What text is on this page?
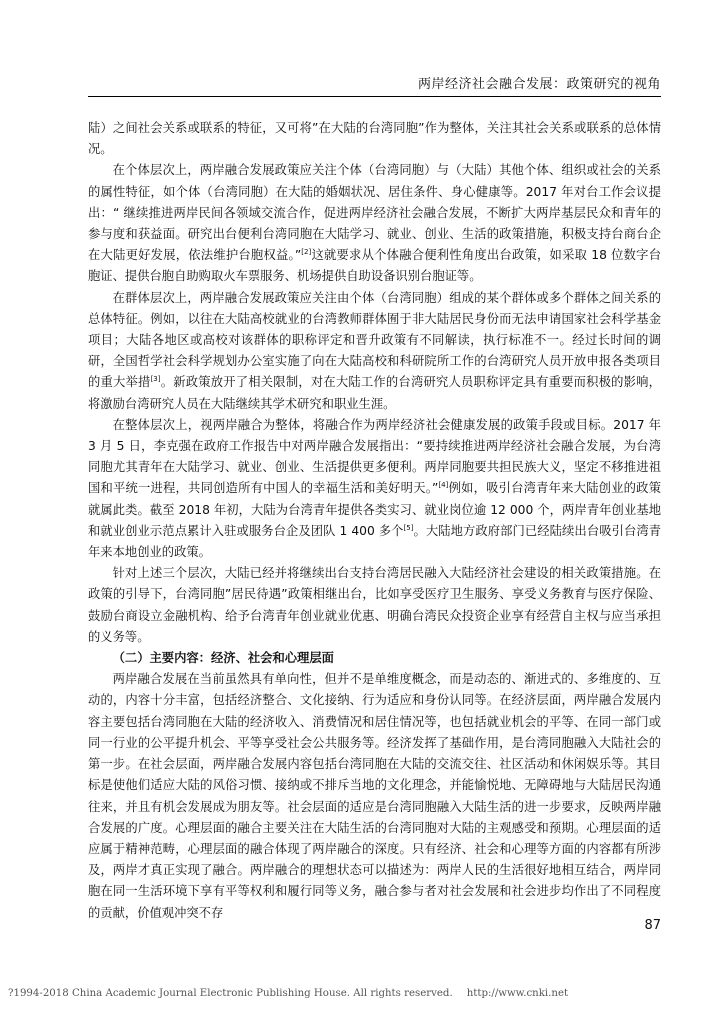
两岸经济社会融合发展：政策研究的视角

陆）之间社会关系或联系的特征，又可将”在大陆的台湾同胞”作为整体，关注其社会关系或联系的总体情况。

在个体层次上，两岸融合发展政策应关注个体（台湾同胞）与（大陆）其他个体、组织或社会的关系的属性特征，如个体（台湾同胞）在大陆的婚姻状况、居住条件、身心健康等。2017 年对台工作会议提出：“ 继续推进两岸民间各领域交流合作，促进两岸经济社会融合发展，不断扩大两岸基层民众和青年的参与度和获益面。研究出台便利台湾同胞在大陆学习、就业、创业、生活的政策措施，积极支持台商台企在大陆更好发展，依法维护台胞权益。”[2]这就要求从个体融合便利性角度出台政策，如采取 18 位数字台胞证、提供台胞自助购取火车票服务、机场提供自助设备识别台胞证等。

在群体层次上，两岸融合发展政策应关注由个体（台湾同胞）组成的某个群体或多个群体之间关系的总体特征。例如，以往在大陆高校就业的台湾教师群体囿于非大陆居民身份而无法申请国家社会科学基金项目；大陆各地区或高校对该群体的职称评定和晋升政策有不同解读，执行标准不一。经过长时间的调研，全国哲学社会科学规划办公室实施了向在大陆高校和科研院所工作的台湾研究人员开放申报各类项目的重大举措[3]。新政策放开了相关限制，对在大陆工作的台湾研究人员职称评定具有重要而积极的影响，将激励台湾研究人员在大陆继续其学术研究和职业生涯。

在整体层次上，视两岸融合为整体，将融合作为两岸经济社会健康发展的政策手段或目标。2017 年 3 月 5 日，李克强在政府工作报告中对两岸融合发展指出：“要持续推进两岸经济社会融合发展，为台湾同胞尤其青年在大陆学习、就业、创业、生活提供更多便利。两岸同胞要共担民族大义，坚定不移推进祖国和平统一进程，共同创造所有中国人的幸福生活和美好明天。”[4]例如，吸引台湾青年来大陆创业的政策就属此类。截至 2018 年初，大陆为台湾青年提供各类实习、就业岗位逾 12 000 个，两岸青年创业基地和就业创业示范点累计入驻或服务台企及团队 1 400 多个[5]。大陆地方政府部门已经陆续出台吸引台湾青年来本地创业的政策。

针对上述三个层次，大陆已经并将继续出台支持台湾居民融入大陆经济社会建设的相关政策措施。在政策的引导下，台湾同胞”居民待遇”政策相继出台，比如享受医疗卫生服务、享受义务教育与医疗保险、鼓励台商设立金融机构、给予台湾青年创业就业优惠、明确台湾民众投资企业享有经营自主权与应当承担的义务等。

（二）主要内容：经济、社会和心理层面

两岸融合发展在当前虽然具有单向性，但并不是单维度概念，而是动态的、渐进式的、多维度的、互动的，内容十分丰富，包括经济整合、文化接纳、行为适应和身份认同等。在经济层面，两岸融合发展内容主要包括台湾同胞在大陆的经济收入、消费情况和居住情况等，也包括就业机会的平等、在同一部门或同一行业的公平提升机会、平等享受社会公共服务等。经济发挥了基础作用，是台湾同胞融入大陆社会的第一步。在社会层面，两岸融合发展内容包括台湾同胞在大陆的交流交往、社区活动和休闲娱乐等。其目标是使他们适应大陆的风俗习惯、接纳或不排斥当地的文化理念，并能愉悦地、无障碍地与大陆居民沟通往来，并且有机会发展成为朋友等。社会层面的适应是台湾同胞融入大陆生活的进一步要求，反映两岸融合发展的广度。心理层面的融合主要关注在大陆生活的台湾同胞对大陆的主观感受和预期。心理层面的适应属于精神范畴，心理层面的融合体现了两岸融合的深度。只有经济、社会和心理等方面的内容都有所涉及，两岸才真正实现了融合。两岸融合的理想状态可以描述为：两岸人民的生活很好地相互结合，两岸同胞在同一生活环境下享有平等权利和履行同等义务，融合参与者对社会发展和社会进步均作出了不同程度的贡献，价值观冲突不存

87
?1994-2018 China Academic Journal Electronic Publishing House. All rights reserved. http://www.cnki.net
